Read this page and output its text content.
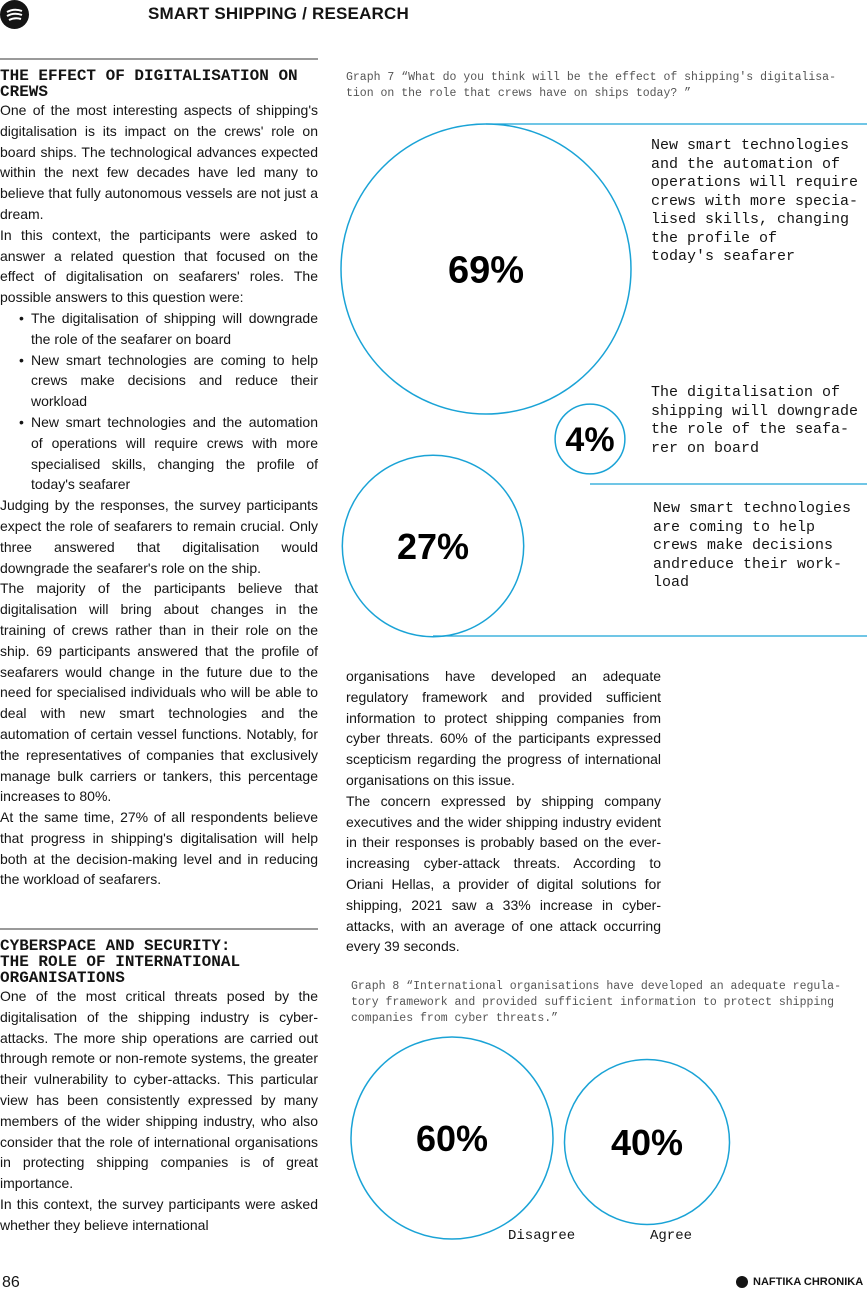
SMART SHIPPING / RESEARCH
THE EFFECT OF DIGITALISATION ON CREWS

One of the most interesting aspects of shipping's digitalisation is its impact on the crews' role on board ships. The technological advances expected within the next few decades have led many to believe that fully autonomous vessels are not just a dream.

In this context, the participants were asked to answer a related question that focused on the effect of digitalisation on seafarers' roles. The possible answers to this question were:

• The digitalisation of shipping will downgrade the role of the seafarer on board
• New smart technologies are coming to help crews make decisions and reduce their workload
• New smart technologies and the automation of operations will require crews with more specialised skills, changing the profile of today's seafarer

Judging by the responses, the survey participants expect the role of seafarers to remain crucial. Only three answered that digitalisation would downgrade the seafarer's role on the ship.

The majority of the participants believe that digitalisation will bring about changes in the training of crews rather than in their role on the ship. 69 participants answered that the profile of seafarers would change in the future due to the need for specialised individuals who will be able to deal with new smart technologies and the automation of certain vessel functions. Notably, for the representatives of companies that exclusively manage bulk carriers or tankers, this percentage increases to 80%.

At the same time, 27% of all respondents believe that progress in shipping's digitalisation will help both at the decision-making level and in reducing the workload of seafarers.

CYBERSPACE AND SECURITY:
THE ROLE OF INTERNATIONAL
ORGANISATIONS

One of the most critical threats posed by the digitalisation of the shipping industry is cyber-attacks. The more ship operations are carried out through remote or non-remote systems, the greater their vulnerability to cyber-attacks. This particular view has been consistently expressed by many members of the wider shipping industry, who also consider that the role of international organisations in protecting shipping companies is of great importance.

In this context, the survey participants were asked whether they believe international

Graph 7 “What do you think will be the effect of shipping's digitalisa-
tion on the role that crews have on ships today? ”
69%
4%
27%
60%	40%
New smart technologies
and the automation of
operations will require
crews with more specia-
lised skills, changing
the profile of
today's seafarer
The digitalisation of
shipping will downgrade
the role of the seafa-
rer on board
New smart technologies
are coming to help
crews make decisions
andreduce their work-
load

organisations have developed an adequate regulatory framework and provided sufficient information to protect shipping companies from cyber threats. 60% of the participants expressed scepticism regarding the progress of international organisations on this issue.

The concern expressed by shipping company executives and the wider shipping industry evident in their responses is probably based on the ever-increasing cyber-attack threats. According to Oriani Hellas, a provider of digital solutions for shipping, 2021 saw a 33% increase in cyber-attacks, with an average of one attack occurring every 39 seconds.

Graph 8 “International organisations have developed an adequate regula-
tory framework and provided sufficient information to protect shipping
companies from cyber threats.”
Disagree	Agree
86	NAFTIKA CHRONIKA
